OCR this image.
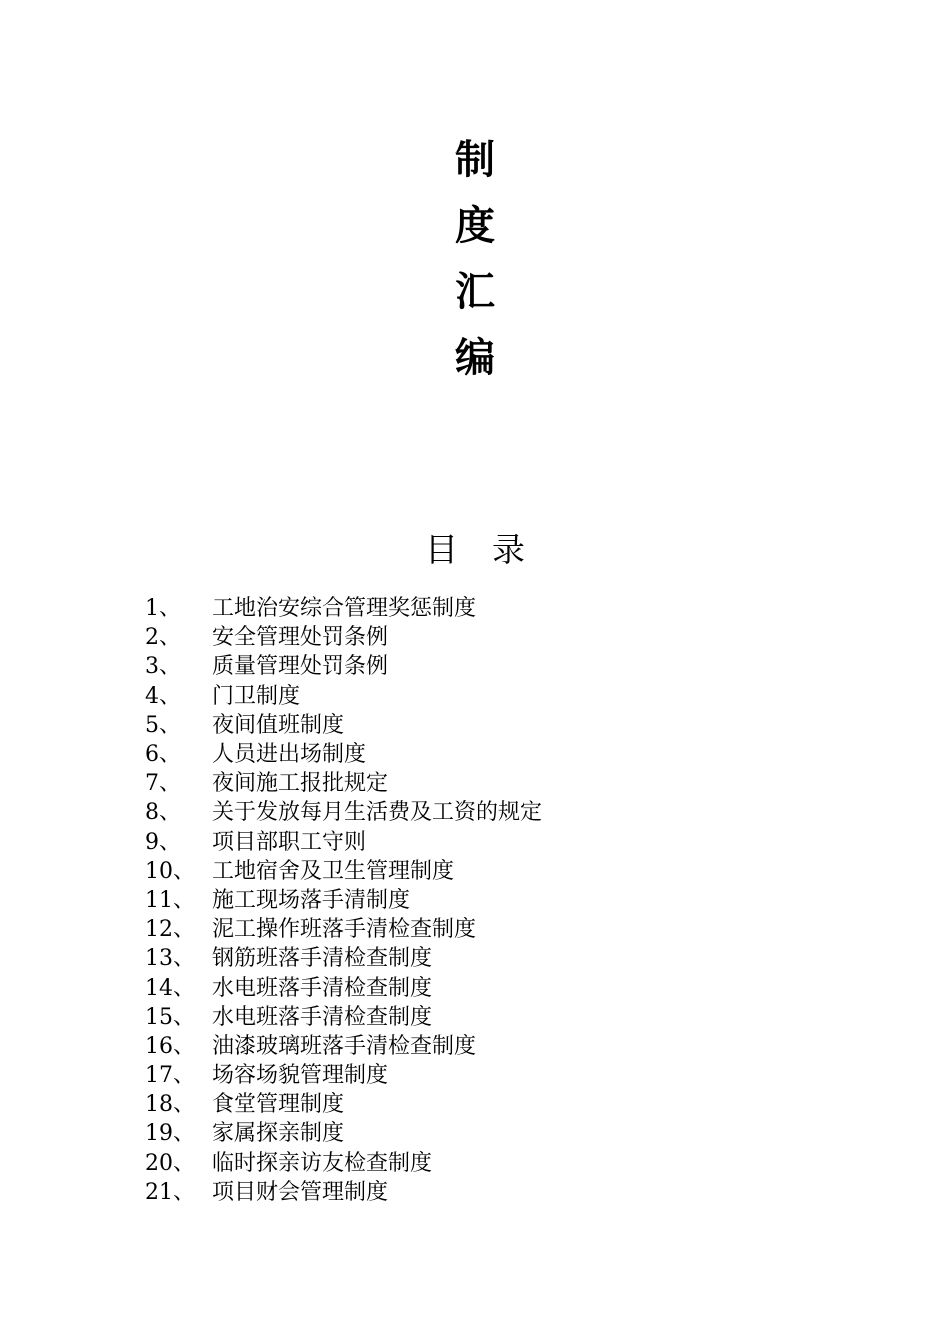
制
度
汇
编
目 录
1、	工地治安综合管理奖惩制度
2、	安全管理处罚条例
3、	质量管理处罚条例
4、	门卫制度
5、	夜间值班制度
6、	人员进出场制度
7、	夜间施工报批规定
8、	关于发放每月生活费及工资的规定
9、	项目部职工守则
10、 工地宿舍及卫生管理制度
11、 施工现场落手清制度
12、 泥工操作班落手清检查制度
13、 钢筋班落手清检查制度
14、 水电班落手清检查制度
15、 水电班落手清检查制度
16、 油漆玻璃班落手清检查制度
17、 场容场貌管理制度
18、 食堂管理制度
19、 家属探亲制度
20、 临时探亲访友检查制度
21、 项目财会管理制度
